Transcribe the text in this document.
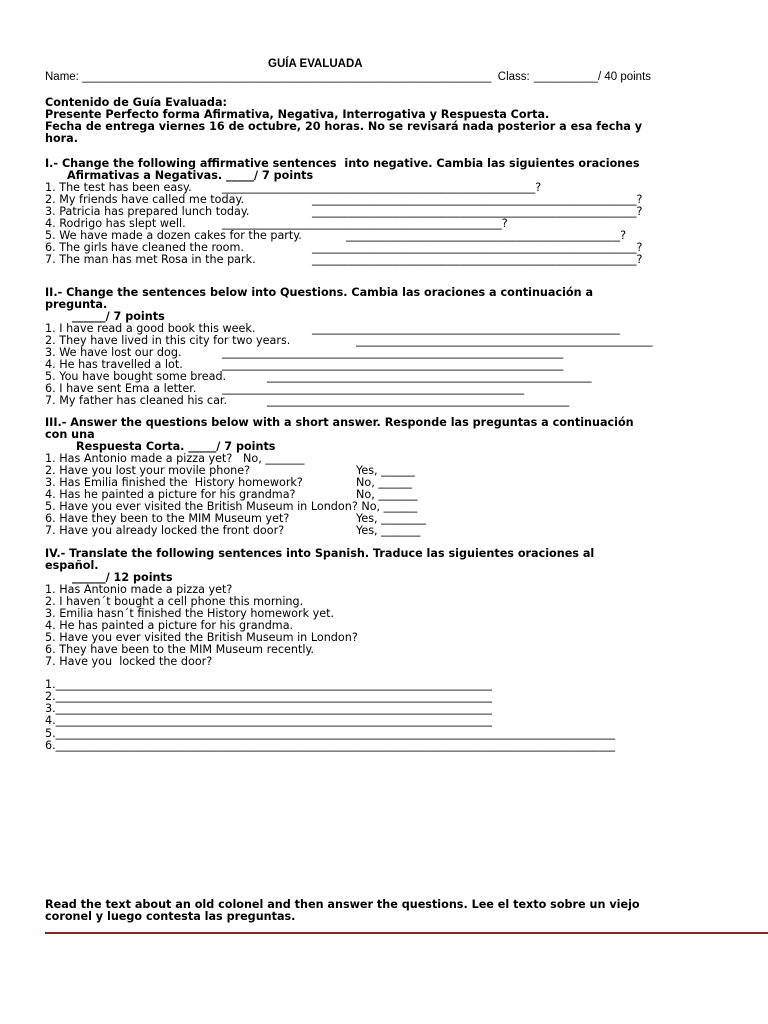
GUÍA EVALUADA
Name: ________________________________________________________________  Class: __________/ 40 points
Contenido de Guía Evaluada:
Presente Perfecto forma Afirmativa, Negativa, Interrogativa y Respuesta Corta.
Fecha de entrega viernes 16 de octubre, 20 horas. No se revisará nada posterior a esa fecha y
hora.
I.- Change the following affirmative sentences  into negative. Cambia las siguientes oraciones
Afirmativas a Negativas. _____/ 7 points
1. The test has been easy.
2. My friends have called me today.
3. Patricia has prepared lunch today.
4. Rodrigo has slept well.
5. We have made a dozen cakes for the party.
6. The girls have cleaned the room.
7. The man has met Rosa in the park.
________________________________________________________?
__________________________________________________________?
__________________________________________________________?
__________________________________________________?
_________________________________________________?
__________________________________________________________?
__________________________________________________________?
II.- Change the sentences below into Questions. Cambia las oraciones a continuación a
pregunta.
______/ 7 points
1. I have read a good book this week.
2. They have lived in this city for two years.
3. We have lost our dog.
4. He has travelled a lot.
5. You have bought some bread.
6. I have sent Ema a letter.
7. My father has cleaned his car.
_______________________________________________________
_____________________________________________________
_____________________________________________________________
_____________________________________________________________
__________________________________________________________
______________________________________________________
______________________________________________________
III.- Answer the questions below with a short answer. Responde las preguntas a continuación
con una
Respuesta Corta. _____/ 7 points
1. Has Antonio made a pizza yet?   No, _______
2. Have you lost your movile phone?
3. Has Emilia finished the  History homework?
4. Has he painted a picture for his grandma?
5. Have you ever visited the British Museum in London? No, ______
6. Have they been to the MIM Museum yet?
7. Have you already locked the front door?
Yes, ______
No, ______
No, _______
Yes, ________
Yes, _______
IV.- Translate the following sentences into Spanish. Traduce las siguientes oraciones al
español.
______/ 12 points
1. Has Antonio made a pizza yet?
2. I haven´t bought a cell phone this morning.
3. Emilia hasn´t finished the History homework yet.
4. He has painted a picture for his grandma.
5. Have you ever visited the British Museum in London?
6. They have been to the MIM Museum recently.
7. Have you  locked the door?
1.______________________________________________________________________________
2.______________________________________________________________________________
3.______________________________________________________________________________
4.______________________________________________________________________________
5.____________________________________________________________________________________________________
6.____________________________________________________________________________________________________
Read the text about an old colonel and then answer the questions. Lee el texto sobre un viejo
coronel y luego contesta las preguntas.
